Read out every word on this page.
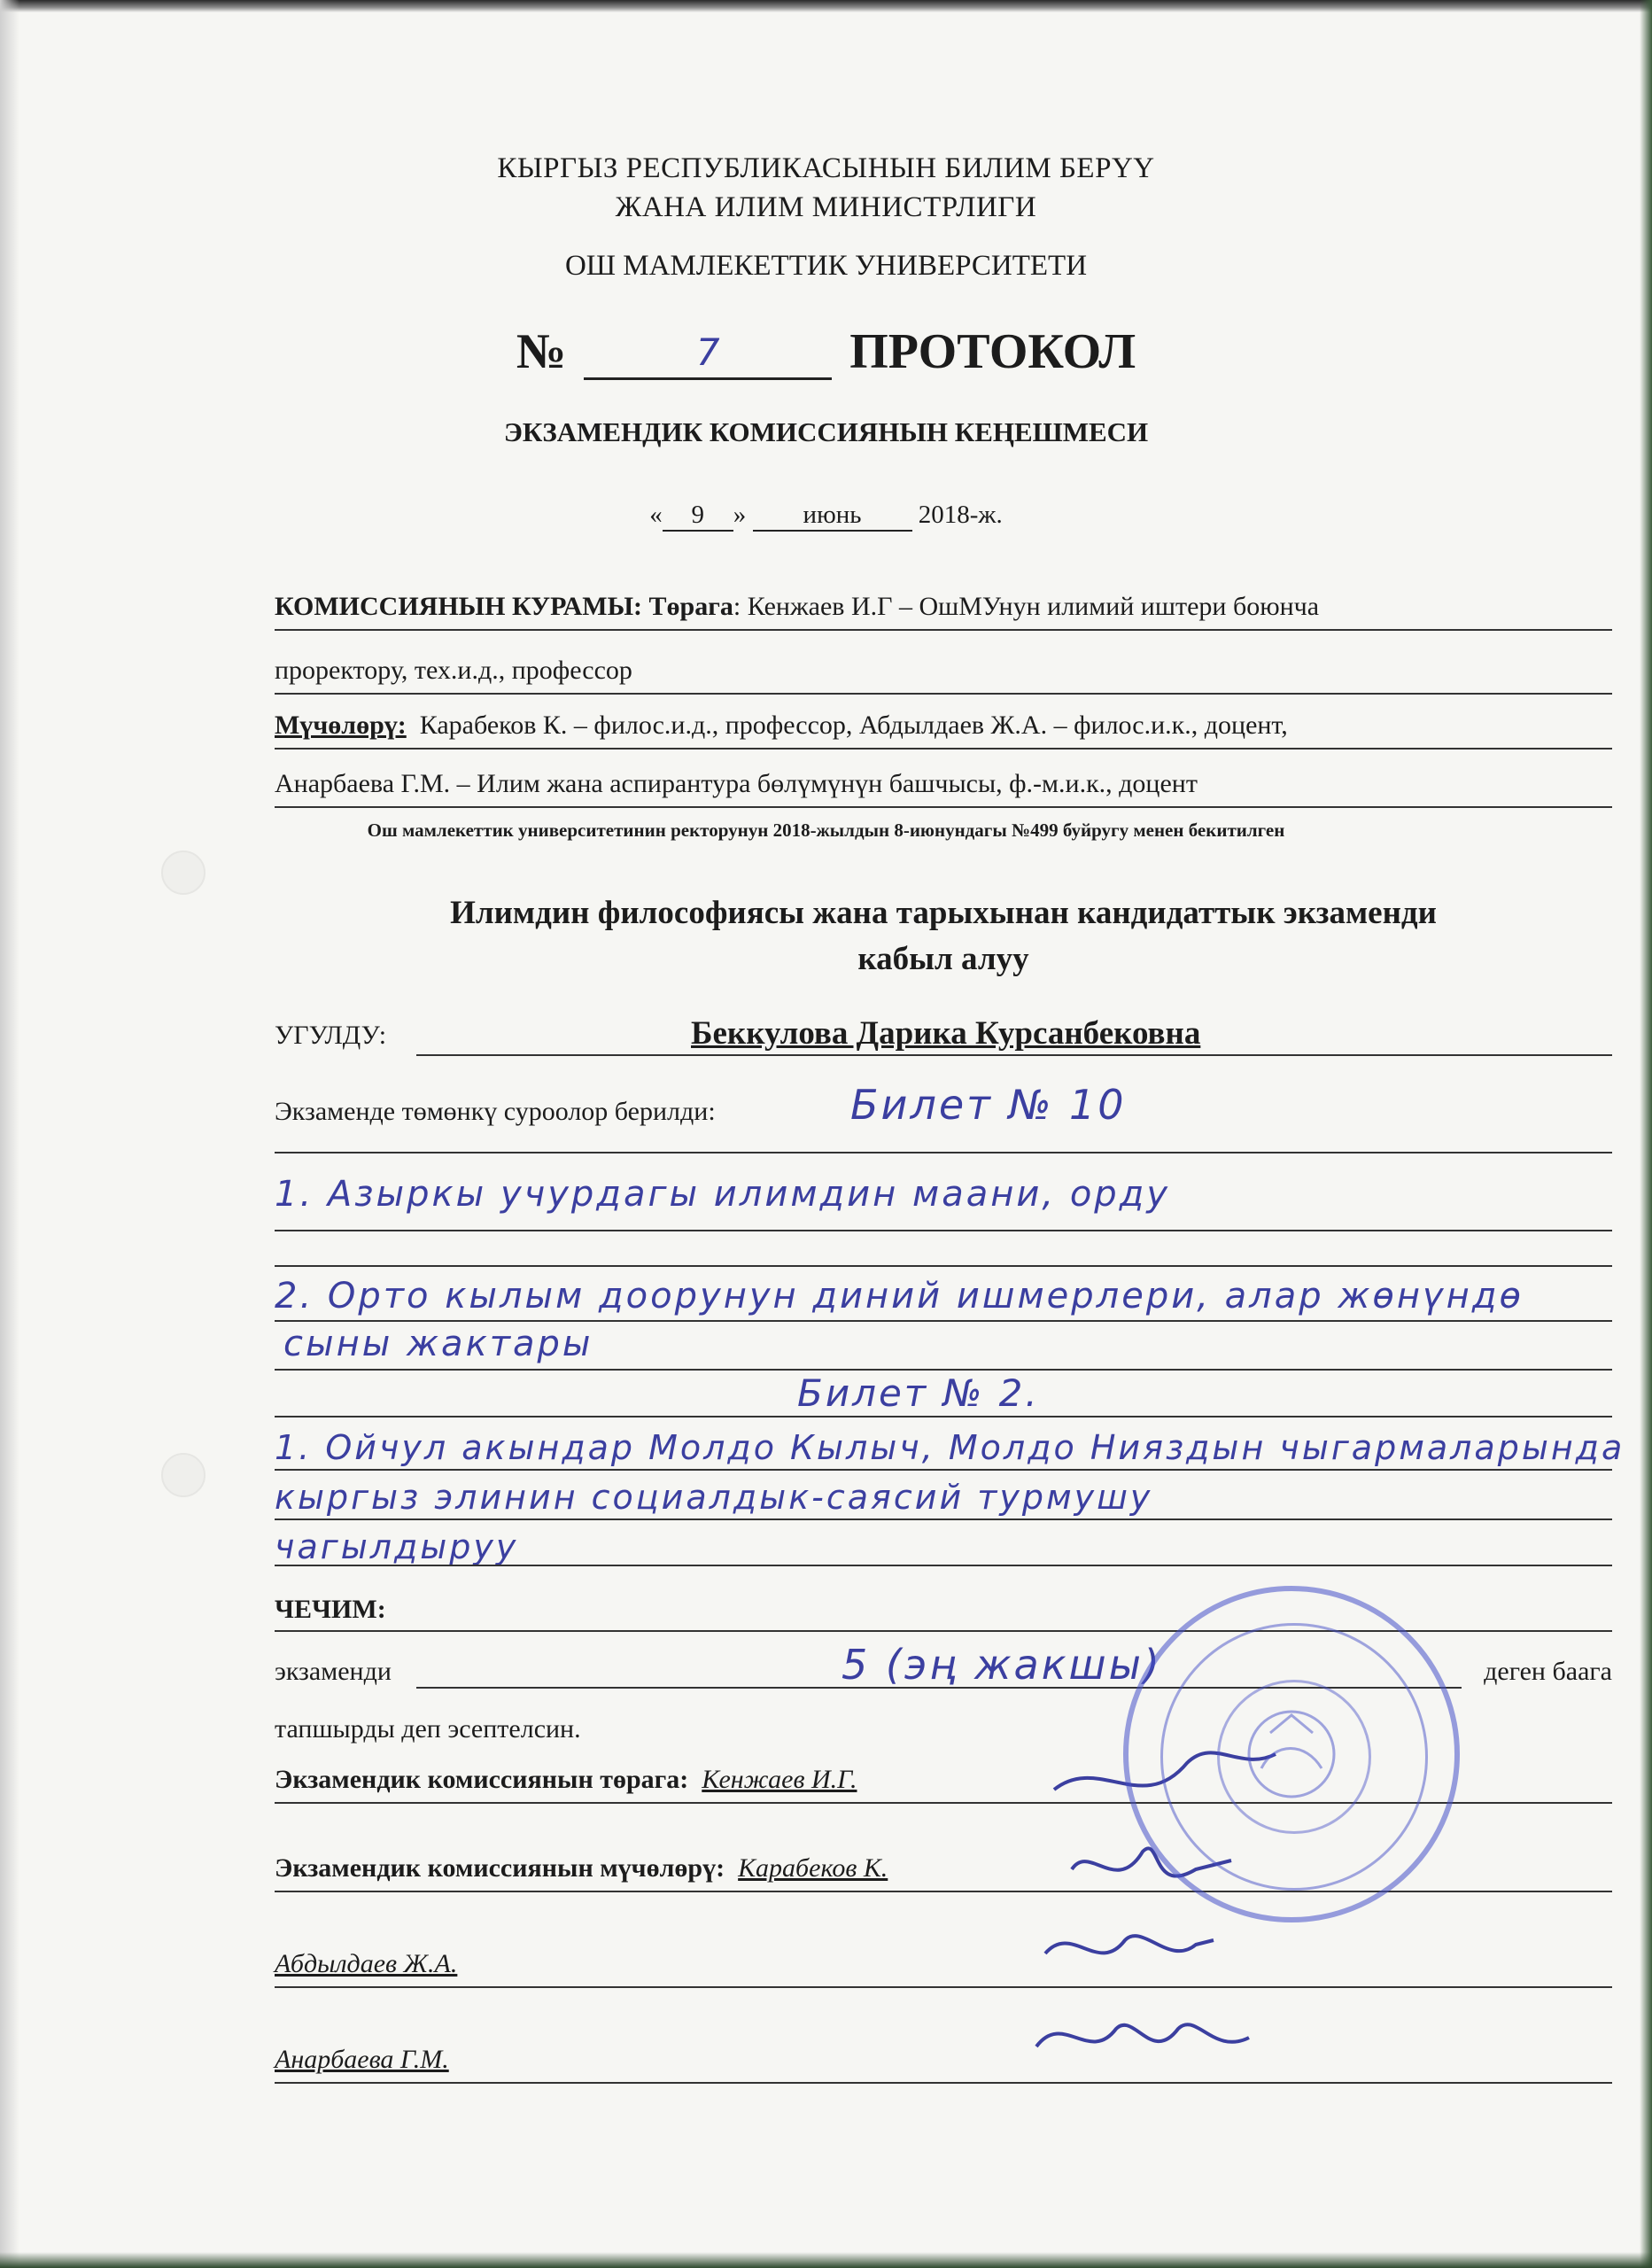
КЫРГЫЗ РЕСПУБЛИКАСЫНЫН БИЛИМ БЕРҮҮ
ЖАНА ИЛИМ МИНИСТРЛИГИ
ОШ МАМЛЕКЕТТИК УНИВЕРСИТЕТИ
№	7	ПРОТОКОЛ
ЭКЗАМЕНДИК КОМИССИЯНЫН КЕҢЕШМЕСИ
« 9 » июнь 2018-ж.
КОМИССИЯНЫН КУРАМЫ: Төрага: Кенжаев И.Г – ОшМУнун илимий иштери боюнча
проректору, тех.и.д., профессор
Мүчөлөрү: Карабеков К. – филос.и.д., профессор, Абдылдаев Ж.А. – филос.и.к., доцент,
Анарбаева Г.М. – Илим жана аспирантура бөлүмүнүн башчысы, ф.-м.и.к., доцент
Ош мамлекеттик университетинин ректорунун 2018-жылдын 8-июнундагы №499 буйругу менен бекитилген
Илимдин философиясы жана тарыхынан кандидаттык экзаменди
кабыл алуу
УГУЛДУ:	Беккулова Дарика Курсанбековна
Экзаменде төмөнкү суроолор берилди:	Билет № 10
1. Азыркы учурдагы илимдин маани, орду
2. Орто кылым доорунун диний ишмерлери, алар жөнүндө
сыны жактары
Билет № 2.
1. Ойчул акындар Молдо Кылыч, Молдо Нияздын чыгармаларында
кыргыз элинин социалдык-саясий турмушу
чагылдыруу
ЧЕЧИМ:
экзаменди	5 (эң жакшы)	деген баага
тапшырды деп эсептелсин.
Экзамендик комиссиянын төрага: Кенжаев И.Г.
Экзамендик комиссиянын мүчөлөрү: Карабеков К.
Абдылдаев Ж.А.
Анарбаева Г.М.
